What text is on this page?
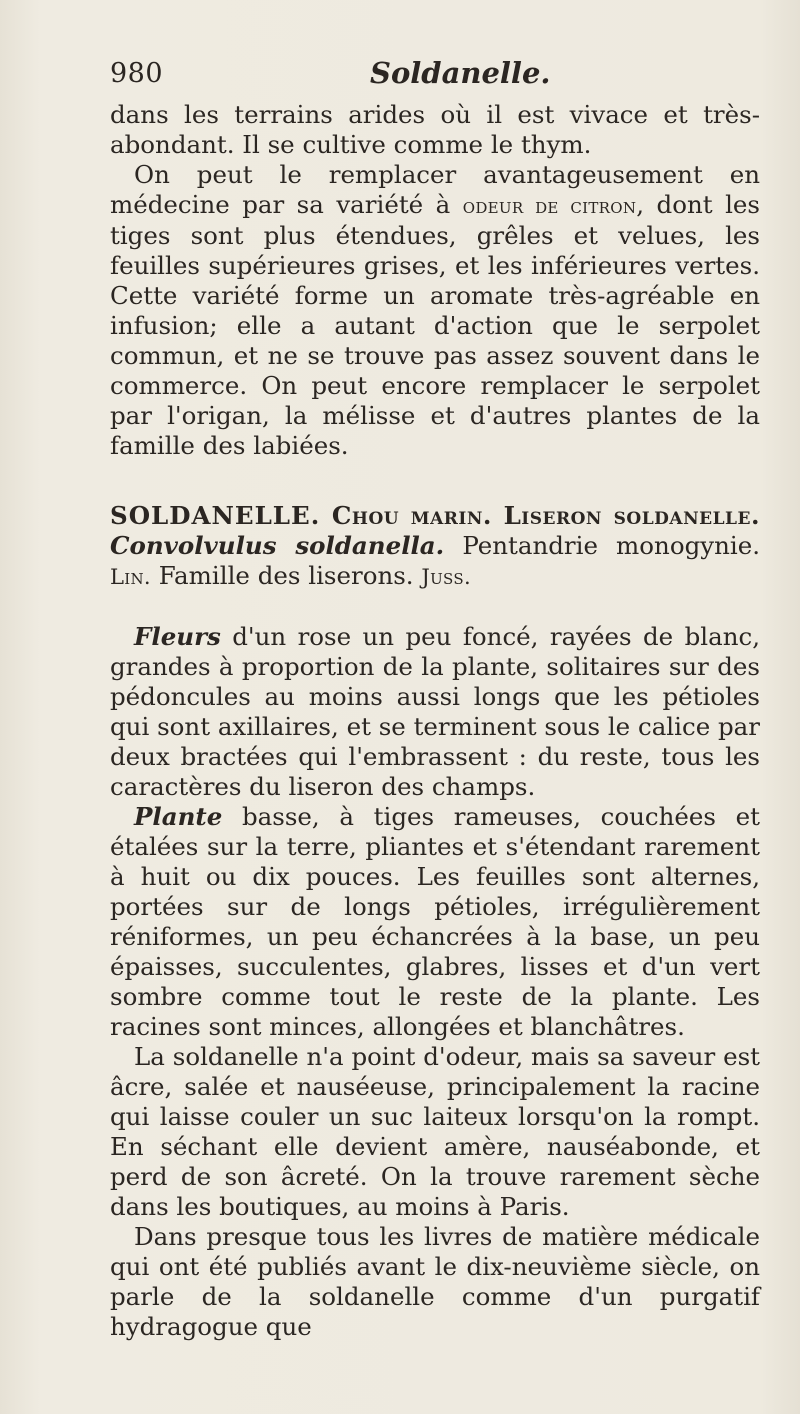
980	Soldanelle.

dans les terrains arides où il est vivace et très-abondant. Il se cultive comme le thym.

On peut le remplacer avantageusement en médecine par sa variété à odeur de citron, dont les tiges sont plus étendues, grêles et velues, les feuilles supérieures grises, et les inférieures vertes. Cette variété forme un aromate très-agréable en infusion; elle a autant d'action que le serpolet commun, et ne se trouve pas assez souvent dans le commerce. On peut encore remplacer le serpolet par l'origan, la mélisse et d'autres plantes de la famille des labiées.

SOLDANELLE. Chou marin. Liseron soldanelle. Convolvulus soldanella. Pentandrie monogynie. Lin. Famille des liserons. Juss.

Fleurs d'un rose un peu foncé, rayées de blanc, grandes à proportion de la plante, solitaires sur des pédoncules au moins aussi longs que les pétioles qui sont axillaires, et se terminent sous le calice par deux bractées qui l'embrassent : du reste, tous les caractères du liseron des champs.

Plante basse, à tiges rameuses, couchées et étalées sur la terre, pliantes et s'étendant rarement à huit ou dix pouces. Les feuilles sont alternes, portées sur de longs pétioles, irrégulièrement réniformes, un peu échancrées à la base, un peu épaisses, succulentes, glabres, lisses et d'un vert sombre comme tout le reste de la plante. Les racines sont minces, allongées et blanchâtres.

La soldanelle n'a point d'odeur, mais sa saveur est âcre, salée et nauséeuse, principalement la racine qui laisse couler un suc laiteux lorsqu'on la rompt. En séchant elle devient amère, nauséabonde, et perd de son âcreté. On la trouve rarement sèche dans les boutiques, au moins à Paris.

Dans presque tous les livres de matière médicale qui ont été publiés avant le dix-neuvième siècle, on parle de la soldanelle comme d'un purgatif hydragogue que
